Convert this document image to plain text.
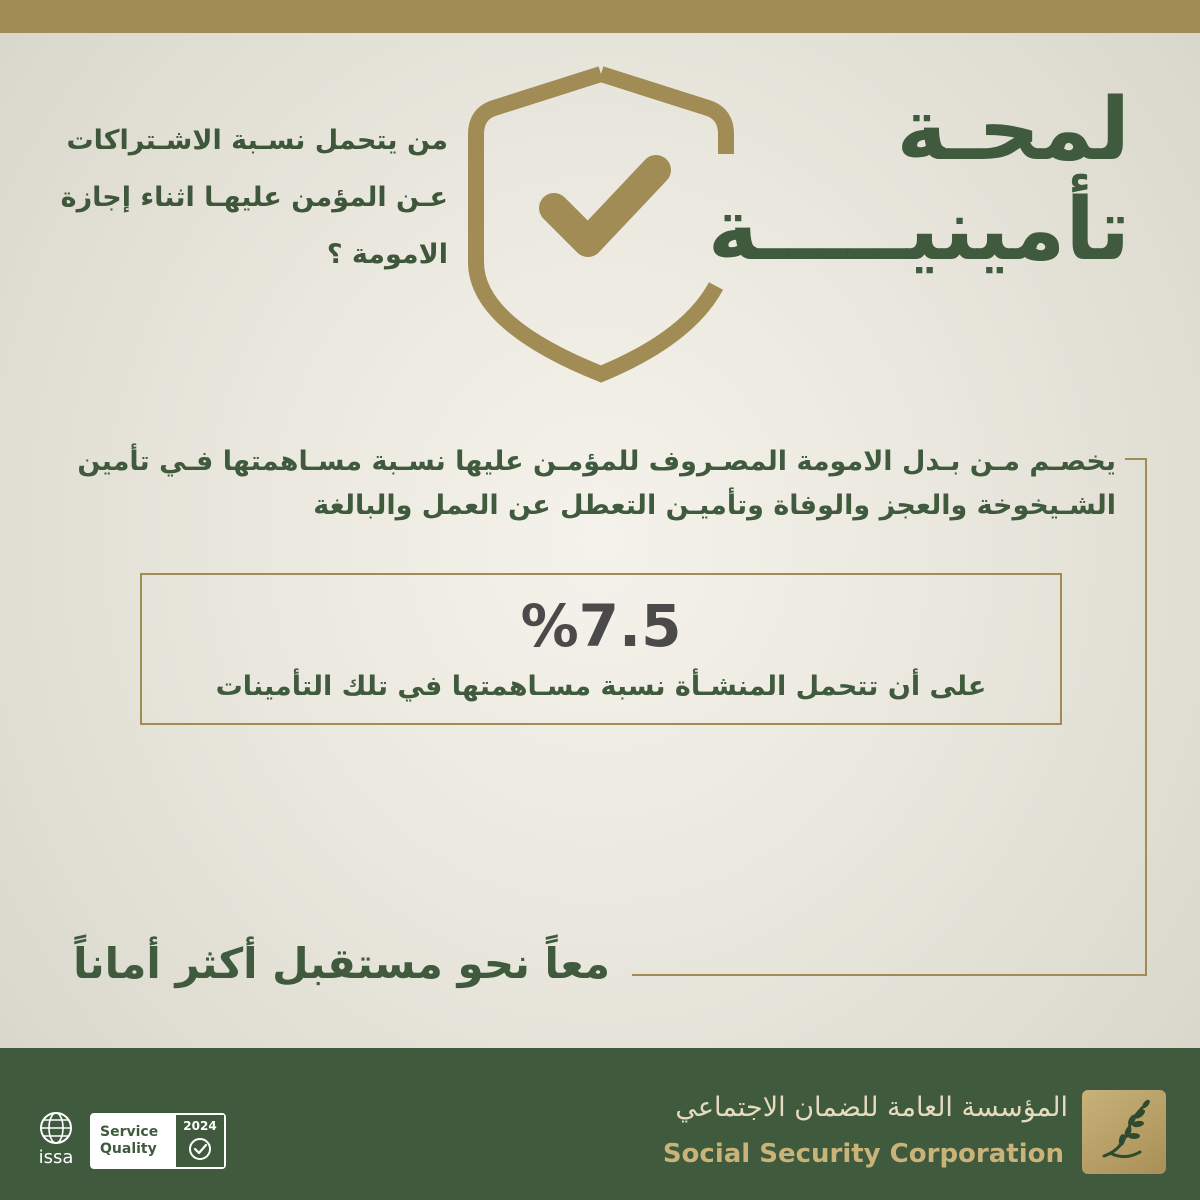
من يتحمل نسـبة الاشـتراكات
عـن المؤمن عليهـا اثناء إجازة
الامومة ؟
لمحـة
تأمينيـــــة
يخصـم مـن بـدل الامومة المصـروف للمؤمـن عليها نسـبة مسـاهمتها فـي تأمين
الشـيخوخة والعجز والوفاة وتأميـن التعطل عن العمل والبالغة
%7.5
على أن تتحمل المنشـأة نسبة مسـاهمتها في تلك التأمينات
معاً نحو مستقبل أكثر أماناً
issa
Service
Quality
2024
المؤسسة العامة للضمان الاجتماعي
Social Security Corporation
